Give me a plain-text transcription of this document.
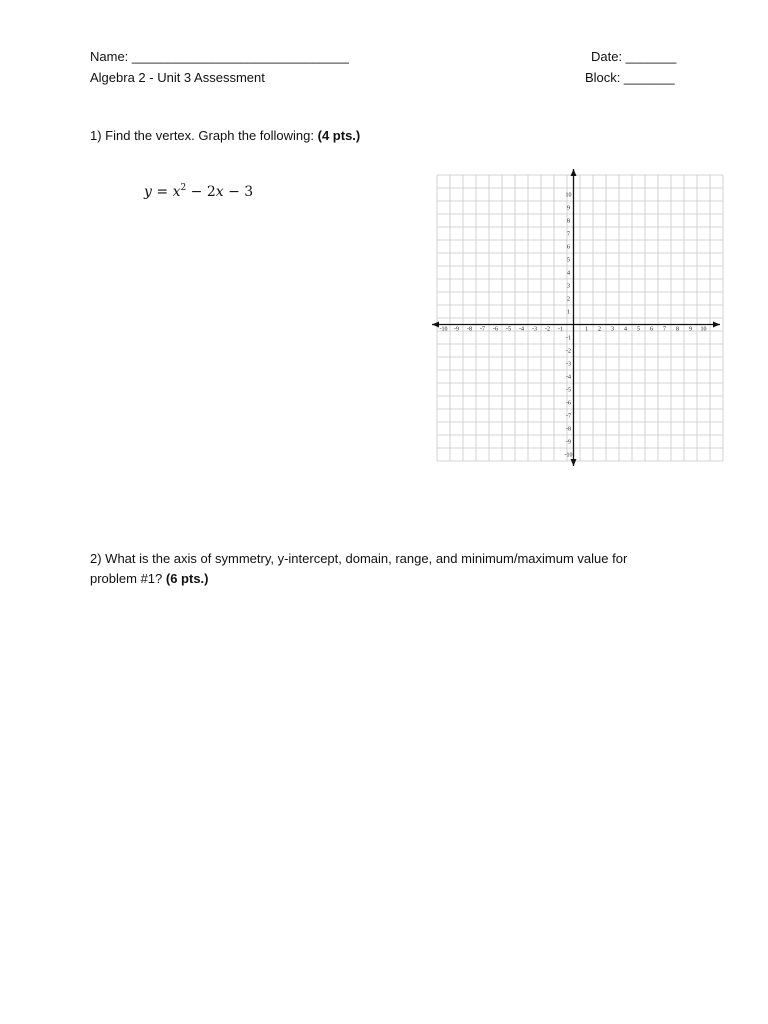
Name: ______________________________	Date: _______
Algebra 2 - Unit 3 Assessment	Block: _______
1) Find the vertex. Graph the following: (4 pts.)
$y = x^2 - 2x - 3$
-10 -9 -8 -7 -6 -5 -4 -3 -2 -1	1 2 3 4 5 6 7 8 9 10
10
9
8
7
6
5
4
3
2
1
-1
-2
-3
-4
-5
-6
-7
-8
-9
-10
2) What is the axis of symmetry, y-intercept, domain, range, and minimum/maximum value for
problem #1? (6 pts.)
